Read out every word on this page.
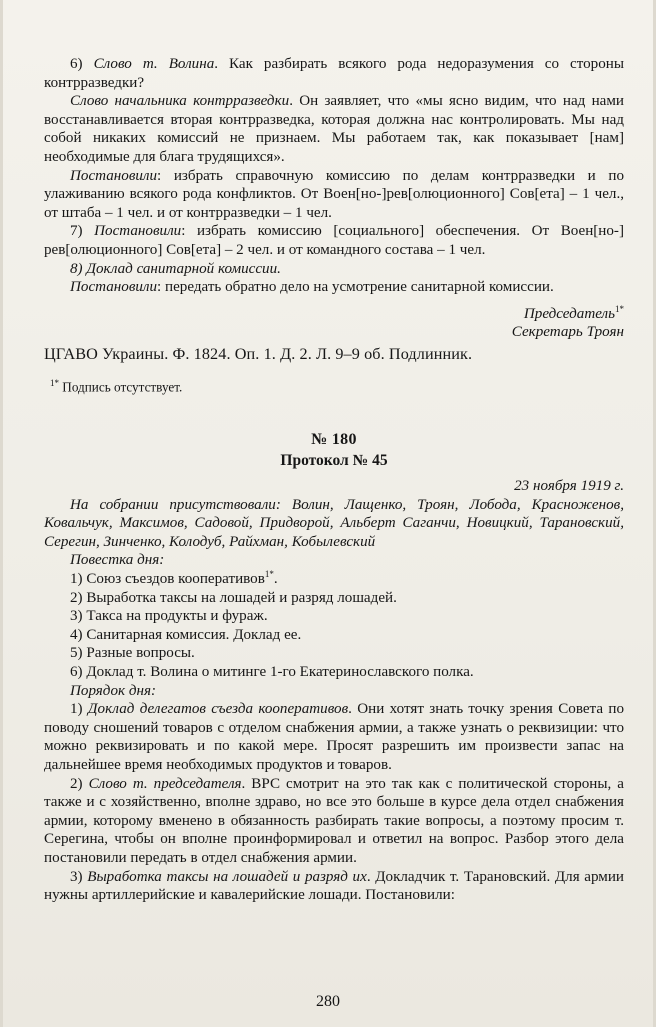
6) Слово т. Волина. Как разбирать всякого рода недоразумения со стороны контрразведки?

Слово начальника контрразведки. Он заявляет, что «мы ясно видим, что над нами восстанавливается вторая контрразведка, которая должна нас контролировать. Мы над собой никаких комиссий не признаем. Мы работаем так, как показывает [нам] необходимые для блага трудящихся».

Постановили: избрать справочную комиссию по делам контрразведки и по улаживанию всякого рода конфликтов. От Воен[но-]рев[олюционного] Сов[ета] – 1 чел., от штаба – 1 чел. и от контрразведки – 1 чел.

7) Постановили: избрать комиссию [социального] обеспечения. От Воен[но-] рев[олюционного] Сов[ета] – 2 чел. и от командного состава – 1 чел.

8) Доклад санитарной комиссии.

Постановили: передать обратно дело на усмотрение санитарной комиссии.

Председатель$^{1*}$

Секретарь Троян

ЦГАВО Украины. Ф. 1824. Оп. 1. Д. 2. Л. 9–9 об. Подлинник.

$^{1*}$ Подпись отсутствует.

№ 180
Протокол № 45
23 ноября 1919 г.

На собрании присутствовали: Волин, Лащенко, Троян, Лобода, Красноженов, Ковальчук, Максимов, Садовой, Придворой, Альберт Саганчи, Новицкий, Тарановский, Серегин, Зинченко, Колодуб, Райхман, Кобылевский

Повестка дня:

1) Союз съездов кооперативов$^{1*}$.

2) Выработка таксы на лошадей и разряд лошадей.

3) Такса на продукты и фураж.

4) Санитарная комиссия. Доклад ее.

5) Разные вопросы.

6) Доклад т. Волина о митинге 1-го Екатеринославского полка.

Порядок дня:

1) Доклад делегатов съезда кооперативов. Они хотят знать точку зрения Совета по поводу сношений товаров с отделом снабжения армии, а также узнать о реквизиции: что можно реквизировать и по какой мере. Просят разрешить им произвести запас на дальнейшее время необходимых продуктов и товаров.

2) Слово т. председателя. ВРС смотрит на это так как с политической стороны, а также и с хозяйственно, вполне здраво, но все это больше в курсе дела отдел снабжения армии, которому вменено в обязанность разбирать такие вопросы, а поэтому просим т. Серегина, чтобы он вполне проинформировал и ответил на вопрос. Разбор этого дела постановили передать в отдел снабжения армии.

3) Выработка таксы на лошадей и разряд их. Докладчик т. Тарановский. Для армии нужны артиллерийские и кавалерийские лошади. Постановили:

280
